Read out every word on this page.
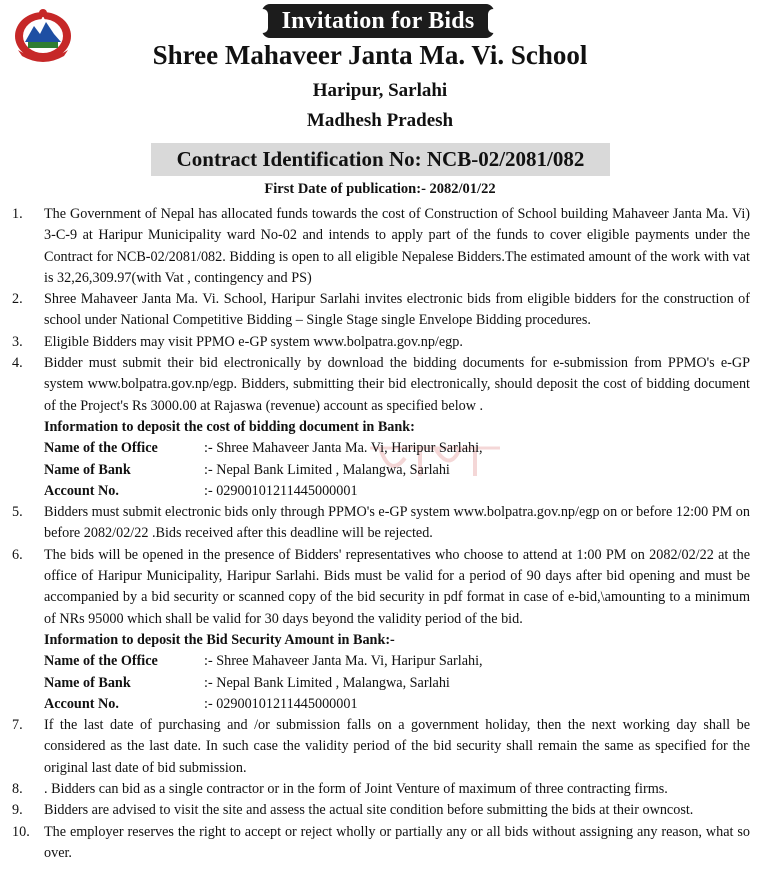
Invitation for Bids
Shree Mahaveer Janta Ma. Vi. School
Haripur, Sarlahi
Madhesh Pradesh
Contract Identification No: NCB-02/2081/082
First Date of publication:- 2082/01/22
1.	The Government of Nepal has allocated funds towards the cost of Construction of School building Mahaveer Janta Ma. Vi) 3-C-9 at Haripur Municipality ward No-02 and intends to apply part of the funds to cover eligible payments under the Contract for NCB-02/2081/082. Bidding is open to all eligible Nepalese Bidders.The estimated amount of the work with vat is 32,26,309.97(with Vat , contingency and PS)
2.	Shree Mahaveer Janta Ma. Vi. School, Haripur Sarlahi invites electronic bids from eligible bidders for the construction of school under National Competitive Bidding – Single Stage single Envelope Bidding procedures.
3.	Eligible Bidders may visit PPMO e-GP system www.bolpatra.gov.np/egp.
4.	Bidder must submit their bid electronically by download the bidding documents for e-submission from PPMO's e-GP system www.bolpatra.gov.np/egp. Bidders, submitting their bid electronically, should deposit the cost of bidding document of the Project's Rs 3000.00 at Rajaswa (revenue) account as specified below .
Information to deposit the cost of bidding document in Bank:
Name of the Office	:- Shree Mahaveer Janta Ma. Vi, Haripur Sarlahi,
Name of Bank	:- Nepal Bank Limited , Malangwa, Sarlahi
Account No.	:- 02900101211445000001
5.	Bidders must submit electronic bids only through PPMO's e-GP system www.bolpatra.gov.np/egp on or before 12:00 PM on before 2082/02/22 .Bids received after this deadline will be rejected.
6.	The bids will be opened in the presence of Bidders' representatives who choose to attend at 1:00 PM on 2082/02/22 at the office of Haripur Municipality, Haripur Sarlahi. Bids must be valid for a period of 90 days after bid opening and must be accompanied by a bid security or scanned copy of the bid security in pdf format in case of e-bid,\amounting to a minimum of NRs 95000 which shall be valid for 30 days beyond the validity period of the bid.
Information to deposit the Bid Security Amount in Bank:-
Name of the Office	:- Shree Mahaveer Janta Ma. Vi, Haripur Sarlahi,
Name of Bank	:- Nepal Bank Limited , Malangwa, Sarlahi
Account No.	:- 02900101211445000001
7.	If the last date of purchasing and /or submission falls on a government holiday, then the next working day shall be considered as the last date. In such case the validity period of the bid security shall remain the same as specified for the original last date of bid submission.
8.	. Bidders can bid as a single contractor or in the form of Joint Venture of maximum of three contracting firms.
9.	Bidders are advised to visit the site and assess the actual site condition before submitting the bids at their owncost.
10.	The employer reserves the right to accept or reject wholly or partially any or all bids without assigning any reason, what so over.
